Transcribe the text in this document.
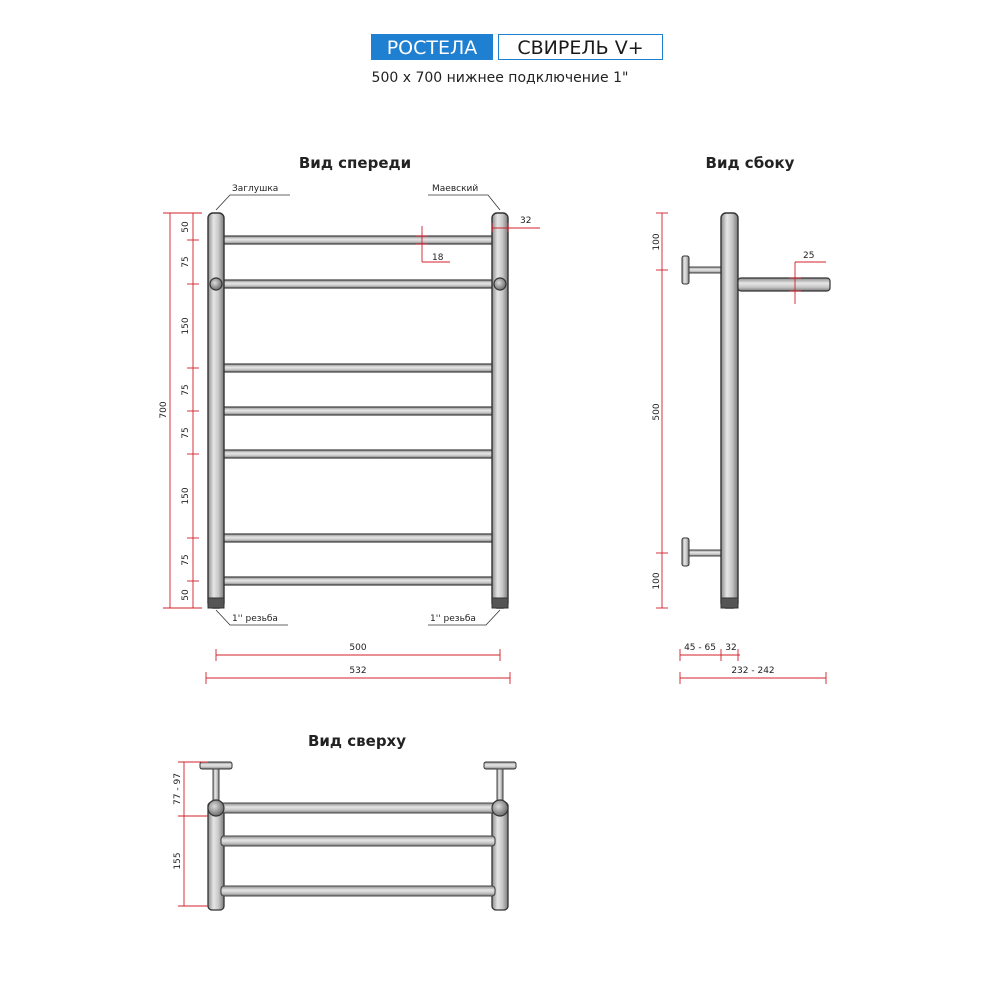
РОСТЕЛА	СВИРЕЛЬ V+
500 x 700 нижнее подключение 1"
Вид спереди
Заглушка	Маевский
1'' резьба	1'' резьба
32
18
700
50
75
150
75
75
150
75
50
500
532
Вид сбоку
25
100
500
100
45 - 65 32
232 - 242
Вид сверху
77 - 97
155
